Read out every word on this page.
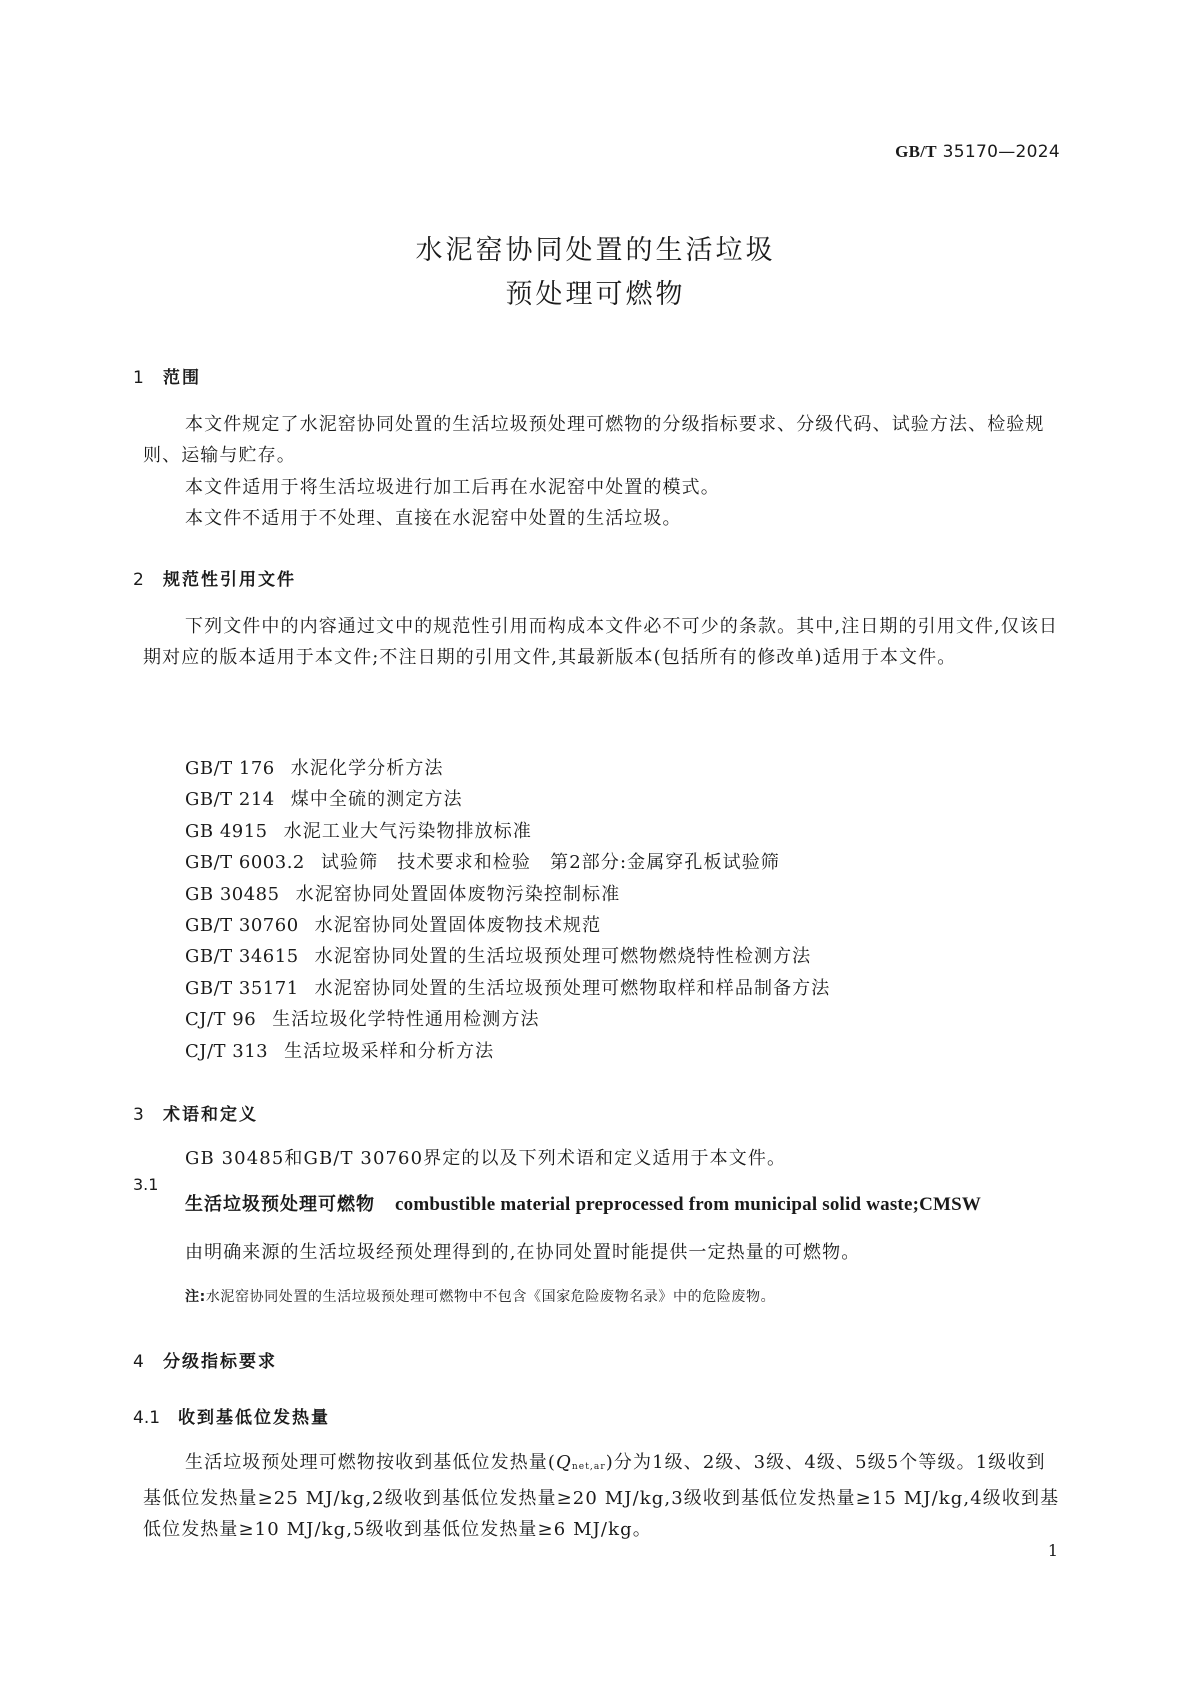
GB/T 35170—2024
水泥窑协同处置的生活垃圾
预处理可燃物
1 范围
本文件规定了水泥窑协同处置的生活垃圾预处理可燃物的分级指标要求、分级代码、试验方法、检验规则、运输与贮存。
本文件适用于将生活垃圾进行加工后再在水泥窑中处置的模式。
本文件不适用于不处理、直接在水泥窑中处置的生活垃圾。
2 规范性引用文件
下列文件中的内容通过文中的规范性引用而构成本文件必不可少的条款。其中,注日期的引用文件,仅该日期对应的版本适用于本文件;不注日期的引用文件,其最新版本(包括所有的修改单)适用于本文件。
GB/T 176 水泥化学分析方法
GB/T 214 煤中全硫的测定方法
GB 4915 水泥工业大气污染物排放标准
GB/T 6003.2 试验筛　技术要求和检验　第2部分:金属穿孔板试验筛
GB 30485 水泥窑协同处置固体废物污染控制标准
GB/T 30760 水泥窑协同处置固体废物技术规范
GB/T 34615 水泥窑协同处置的生活垃圾预处理可燃物燃烧特性检测方法
GB/T 35171 水泥窑协同处置的生活垃圾预处理可燃物取样和样品制备方法
CJ/T 96 生活垃圾化学特性通用检测方法
CJ/T 313 生活垃圾采样和分析方法
3 术语和定义
GB 30485和GB/T 30760界定的以及下列术语和定义适用于本文件。
3.1
生活垃圾预处理可燃物 combustible material preprocessed from municipal solid waste;CMSW
由明确来源的生活垃圾经预处理得到的,在协同处置时能提供一定热量的可燃物。
注:水泥窑协同处置的生活垃圾预处理可燃物中不包含《国家危险废物名录》中的危险废物。
4 分级指标要求
4.1 收到基低位发热量
生活垃圾预处理可燃物按收到基低位发热量$(Q_{net,ar})$分为1级、2级、3级、4级、5级5个等级。1级收到基低位发热量≥25 MJ/kg,2级收到基低位发热量≥20 MJ/kg,3级收到基低位发热量≥15 MJ/kg,4级收到基低位发热量≥10 MJ/kg,5级收到基低位发热量≥6 MJ/kg。
1
